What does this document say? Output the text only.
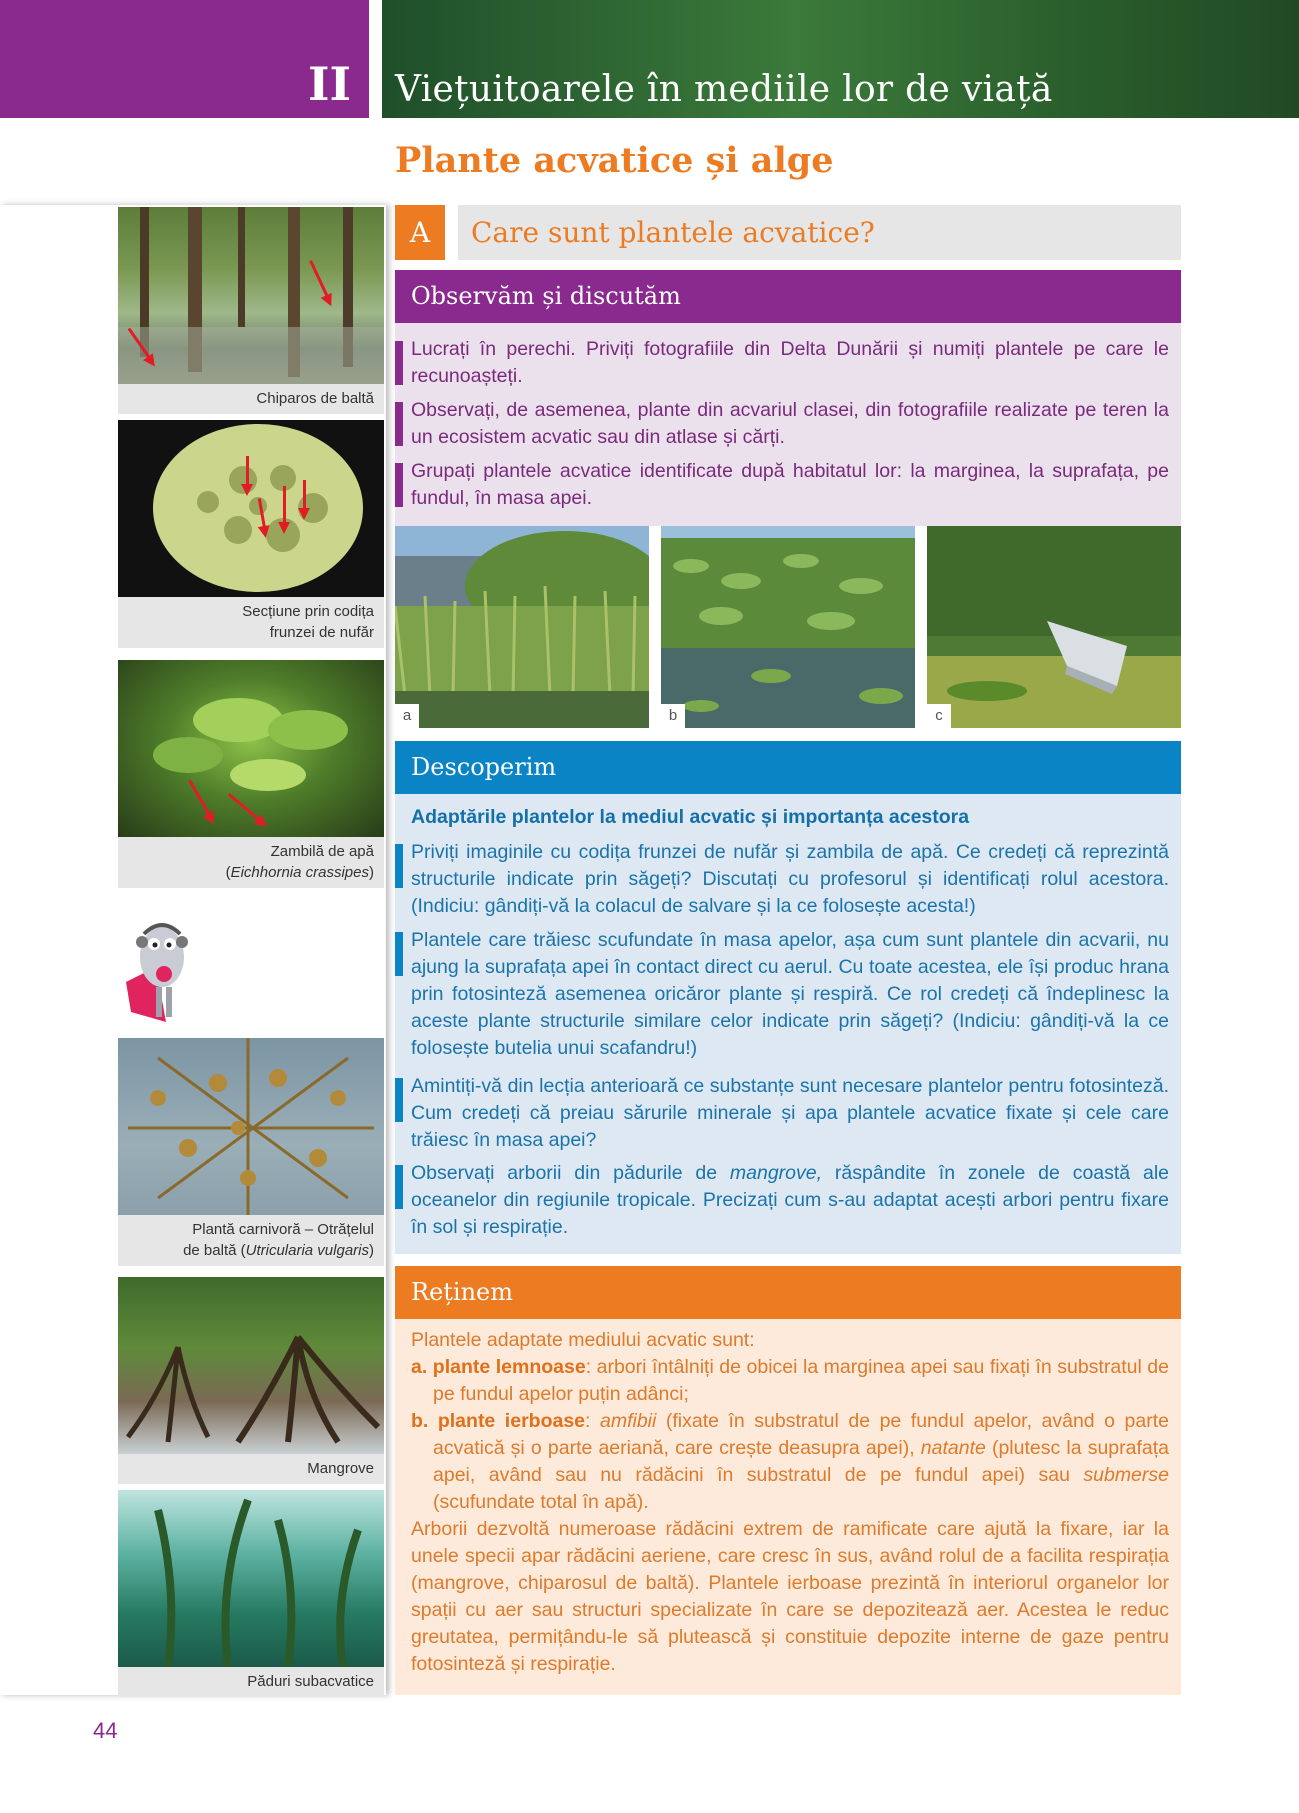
II	Viețuitoarele în mediile lor de viață
Plante acvatice și alge
Chiparos de baltă
Secțiune prin codița
frunzei de nufăr
Zambilă de apă
(Eichhornia crassipes)
Plantă carnivoră – Otrățelul
de baltă (Utricularia vulgaris)
Mangrove
Păduri subacvatice
A	Care sunt plantele acvatice?
Observăm și discutăm
Lucrați în perechi. Priviți fotografiile din Delta Dunării și numiți plantele pe care le recunoașteți.
Observați, de asemenea, plante din acvariul clasei, din fotografiile realizate pe teren la un ecosistem acvatic sau din atlase și cărți.
Grupați plantele acvatice identificate după habitatul lor: la marginea, la suprafața, pe fundul, în masa apei.
a	b	c
Descoperim
Adaptările plantelor la mediul acvatic și importanța acestora
Priviți imaginile cu codița frunzei de nufăr și zambila de apă. Ce credeți că reprezintă structurile indicate prin săgeți? Discutați cu profesorul și identificați rolul acestora. (Indiciu: gândiți-vă la colacul de salvare și la ce folosește acesta!)
Plantele care trăiesc scufundate în masa apelor, așa cum sunt plantele din acvarii, nu ajung la suprafața apei în contact direct cu aerul. Cu toate acestea, ele își produc hrana prin fotosinteză asemenea oricăror plante și respiră. Ce rol credeți că îndeplinesc la aceste plante structurile similare celor indicate prin săgeți? (Indiciu: gândiți-vă la ce folosește butelia unui scafandru!)
Amintiți-vă din lecția anterioară ce substanțe sunt necesare plantelor pentru fotosinteză. Cum credeți că preiau sărurile minerale și apa plantele acvatice fixate și cele care trăiesc în masa apei?
Observați arborii din pădurile de mangrove, răspândite în zonele de coastă ale oceanelor din regiunile tropicale. Precizați cum s-au adaptat acești arbori pentru fixare în sol și respirație.
Reținem
Plantele adaptate mediului acvatic sunt:
a. plante lemnoase: arbori întâlniți de obicei la marginea apei sau fixați în substratul de pe fundul apelor puțin adânci;
b. plante ierboase: amfibii (fixate în substratul de pe fundul apelor, având o parte acvatică și o parte aeriană, care crește deasupra apei), natante (plutesc la suprafața apei, având sau nu rădăcini în substratul de pe fundul apei) sau submerse (scufundate total în apă).
Arborii dezvoltă numeroase rădăcini extrem de ramificate care ajută la fixare, iar la unele specii apar rădăcini aeriene, care cresc în sus, având rolul de a facilita respirația (mangrove, chiparosul de baltă). Plantele ierboase prezintă în interiorul organelor lor spații cu aer sau structuri specializate în care se depozitează aer. Acestea le reduc greutatea, permițându-le să plutească și constituie depozite interne de gaze pentru fotosinteză și respirație.
44
